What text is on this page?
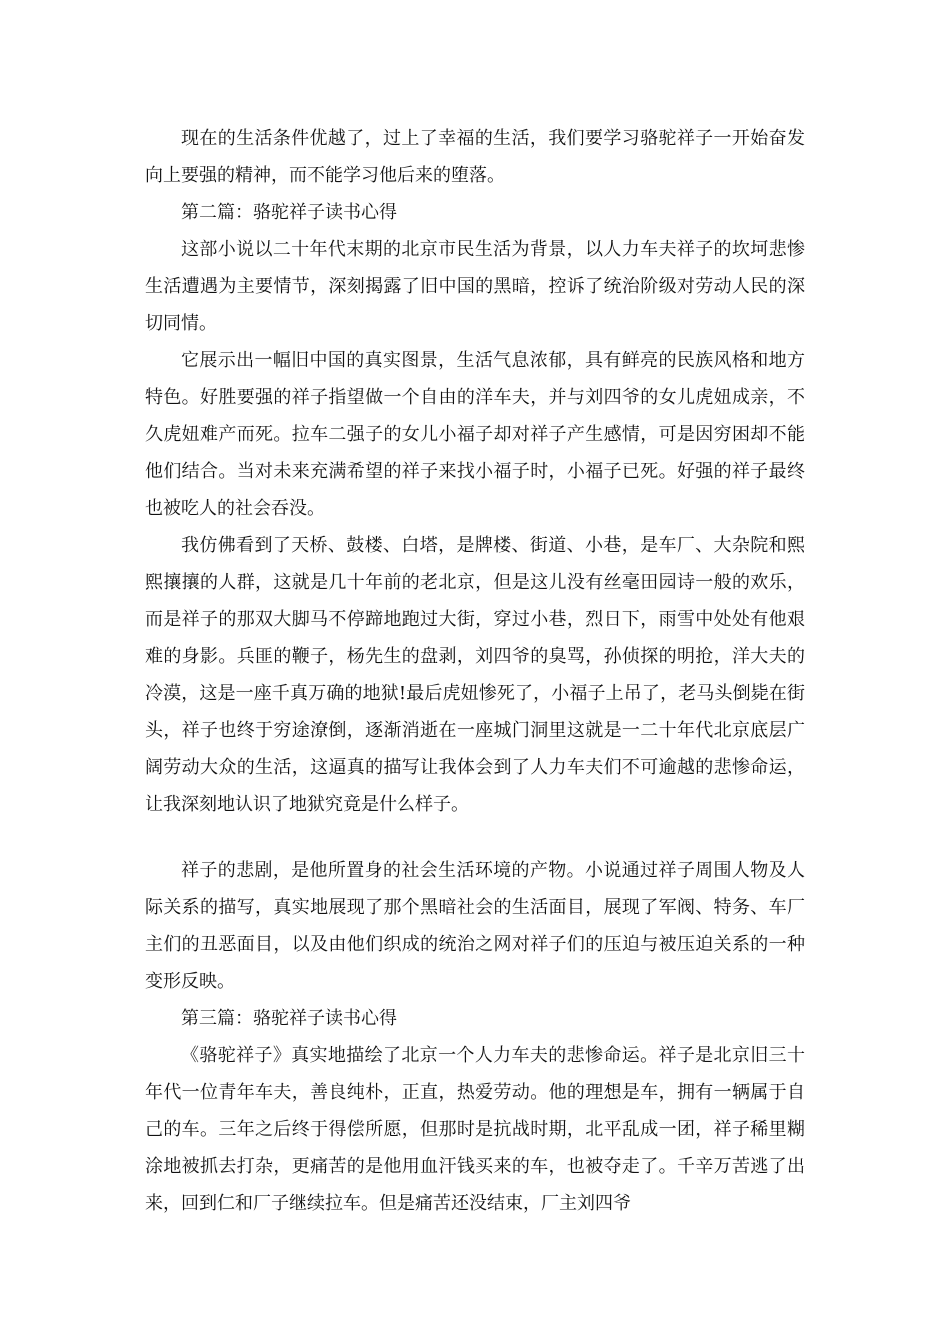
现在的生活条件优越了，过上了幸福的生活，我们要学习骆驼祥子一开始奋发向上要强的精神，而不能学习他后来的堕落。

第二篇：骆驼祥子读书心得

这部小说以二十年代末期的北京市民生活为背景，以人力车夫祥子的坎坷悲惨生活遭遇为主要情节，深刻揭露了旧中国的黑暗，控诉了统治阶级对劳动人民的深切同情。

它展示出一幅旧中国的真实图景，生活气息浓郁，具有鲜亮的民族风格和地方特色。好胜要强的祥子指望做一个自由的洋车夫，并与刘四爷的女儿虎妞成亲，不久虎妞难产而死。拉车二强子的女儿小福子却对祥子产生感情，可是因穷困却不能他们结合。当对未来充满希望的祥子来找小福子时，小福子已死。好强的祥子最终也被吃人的社会吞没。

我仿佛看到了天桥、鼓楼、白塔，是牌楼、街道、小巷，是车厂、大杂院和熙熙攘攘的人群，这就是几十年前的老北京，但是这儿没有丝毫田园诗一般的欢乐， 而是祥子的那双大脚马不停蹄地跑过大街，穿过小巷，烈日下，雨雪中处处有他艰难的身影。兵匪的鞭子，杨先生的盘剥，刘四爷的臭骂，孙侦探的明抢，洋大夫的冷漠，这是一座千真万确的地狱!最后虎妞惨死了，小福子上吊了，老马头倒毙在街头，祥子也终于穷途潦倒，逐渐消逝在一座城门洞里这就是一二十年代北京底层广阔劳动大众的生活，这逼真的描写让我体会到了人力车夫们不可逾越的悲惨命运，让我深刻地认识了地狱究竟是什么样子。

祥子的悲剧，是他所置身的社会生活环境的产物。小说通过祥子周围人物及人际关系的描写，真实地展现了那个黑暗社会的生活面目，展现了军阀、特务、车厂主们的丑恶面目，以及由他们织成的统治之网对祥子们的压迫与被压迫关系的一种变形反映。

第三篇：骆驼祥子读书心得

《骆驼祥子》真实地描绘了北京一个人力车夫的悲惨命运。祥子是北京旧三十年代一位青年车夫，善良纯朴，正直，热爱劳动。他的理想是车，拥有一辆属于自己的车。三年之后终于得偿所愿，但那时是抗战时期，北平乱成一团，祥子稀里糊涂地被抓去打杂，更痛苦的是他用血汗钱买来的车，也被夺走了。千辛万苦逃了出来，回到仁和厂子继续拉车。但是痛苦还没结束，厂主刘四爷
